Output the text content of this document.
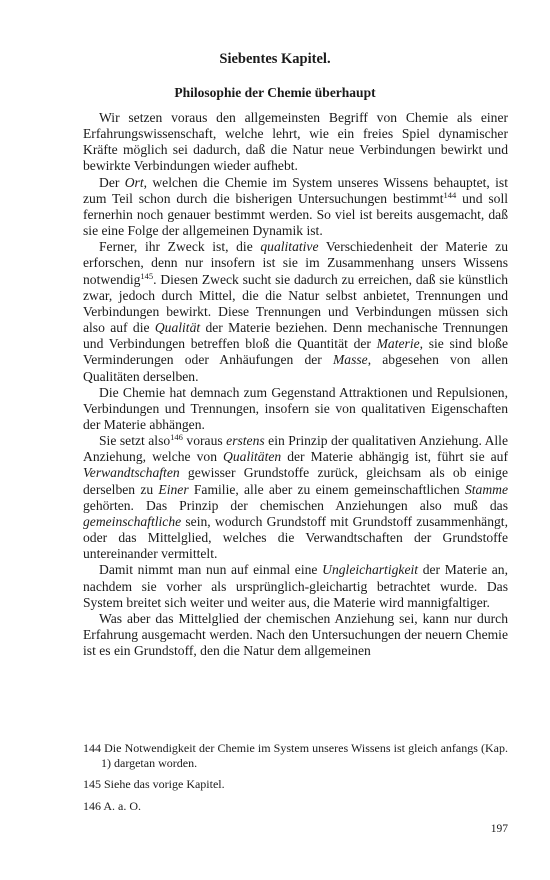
Siebentes Kapitel.
Philosophie der Chemie überhaupt

Wir setzen voraus den allgemeinsten Begriff von Chemie als einer Erfahrungswissenschaft, welche lehrt, wie ein freies Spiel dynamischer Kräfte möglich sei dadurch, daß die Natur neue Verbindungen bewirkt und bewirkte Verbindungen wieder aufhebt.

Der Ort, welchen die Chemie im System unseres Wissens behauptet, ist zum Teil schon durch die bisherigen Untersuchungen bestimmt$^{144}$ und soll fernerhin noch genauer bestimmt werden. So viel ist bereits ausgemacht, daß sie eine Folge der allgemeinen Dynamik ist.

Ferner, ihr Zweck ist, die qualitative Verschiedenheit der Materie zu erforschen, denn nur insofern ist sie im Zusammenhang unsers Wissens notwendig$^{145}$. Diesen Zweck sucht sie dadurch zu erreichen, daß sie künstlich zwar, jedoch durch Mittel, die die Natur selbst anbietet, Trennungen und Verbindungen bewirkt. Diese Trennungen und Verbindungen müssen sich also auf die Qualität der Materie beziehen. Denn mechanische Trennungen und Verbindungen betreffen bloß die Quantität der Materie, sie sind bloße Verminderungen oder Anhäufungen der Masse, abgesehen von allen Qualitäten derselben.

Die Chemie hat demnach zum Gegenstand Attraktionen und Repulsionen, Verbindungen und Trennungen, insofern sie von qualitativen Eigenschaften der Materie abhängen.

Sie setzt also$^{146}$ voraus erstens ein Prinzip der qualitativen Anziehung. Alle Anziehung, welche von Qualitäten der Materie abhängig ist, führt sie auf Verwandtschaften gewisser Grundstoffe zurück, gleichsam als ob einige derselben zu Einer Familie, alle aber zu einem gemeinschaftlichen Stamme gehörten. Das Prinzip der chemischen Anziehungen also muß das gemeinschaftliche sein, wodurch Grundstoff mit Grundstoff zusammenhängt, oder das Mittelglied, welches die Verwandtschaften der Grundstoffe untereinander vermittelt.

Damit nimmt man nun auf einmal eine Ungleichartigkeit der Materie an, nachdem sie vorher als ursprünglich-gleichartig betrachtet wurde. Das System breitet sich weiter und weiter aus, die Materie wird mannigfaltiger.

Was aber das Mittelglied der chemischen Anziehung sei, kann nur durch Erfahrung ausgemacht werden. Nach den Untersuchungen der neuern Chemie ist es ein Grundstoff, den die Natur dem allgemeinen

144 Die Notwendigkeit der Chemie im System unseres Wissens ist gleich anfangs (Kap. 1) dargetan worden.

145 Siehe das vorige Kapitel.

146 A. a. O.

197
